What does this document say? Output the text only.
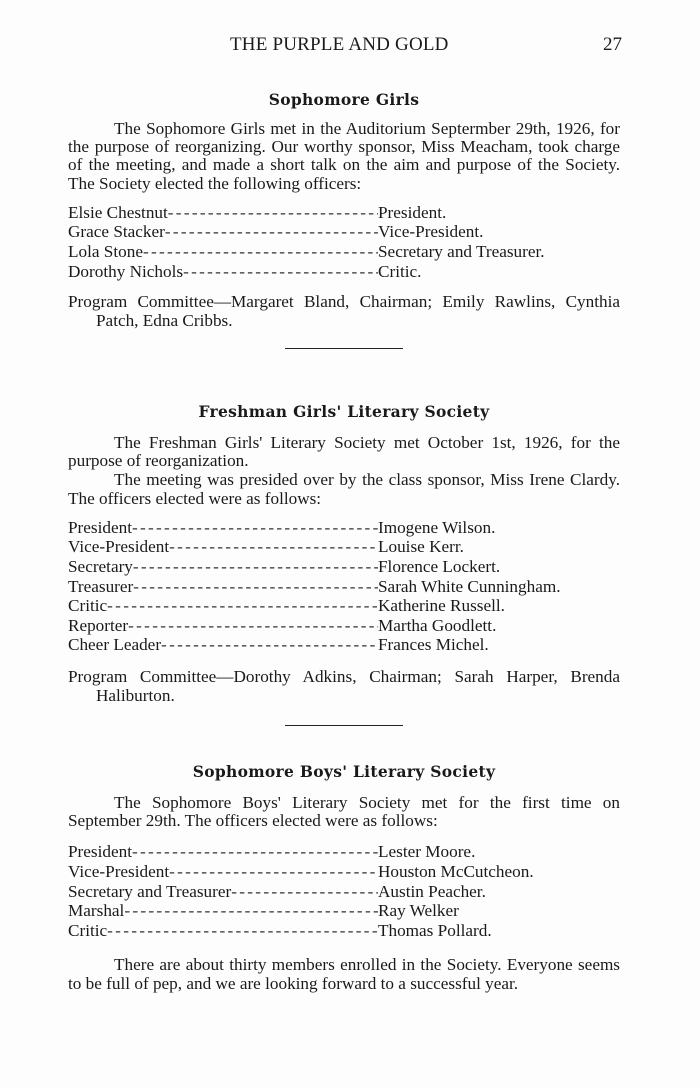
THE PURPLE AND GOLD	27
Sophomore Girls

The Sophomore Girls met in the Auditorium Septermber 29th, 1926, for the purpose of reorganizing. Our worthy sponsor, Miss Meacham, took charge of the meeting, and made a short talk on the aim and purpose of the Society. The Society elected the following officers:

Elsie Chestnut - - -	President.
Grace Stacker - - -	Vice-President.
Lola Stone - - -	Secretary and Treasurer.
Dorothy Nichols - - -	Critic.

Program Committee—Margaret Bland, Chairman; Emily Rawlins, Cynthia Patch, Edna Cribbs.

Freshman Girls' Literary Society

The Freshman Girls' Literary Society met October 1st, 1926, for the purpose of reorganization.

The meeting was presided over by the class sponsor, Miss Irene Clardy. The officers elected were as follows:

President - - -	Imogene Wilson.
Vice-President - - -	Louise Kerr.
Secretary - - -	Florence Lockert.
Treasurer - - -	Sarah White Cunningham.
Critic - - -	Katherine Russell.
Reporter - - -	Martha Goodlett.
Cheer Leader - - -	Frances Michel.

Program Committee—Dorothy Adkins, Chairman; Sarah Harper, Brenda Haliburton.

Sophomore Boys' Literary Society

The Sophomore Boys' Literary Society met for the first time on September 29th. The officers elected were as follows:

President - - -	Lester Moore.
Vice-President - - -	Houston McCutcheon.
Secretary and Treasurer - - -	Austin Peacher.
Marshal - - -	Ray Welker
Critic - - -	Thomas Pollard.

There are about thirty members enrolled in the Society. Everyone seems to be full of pep, and we are looking forward to a successful year.
